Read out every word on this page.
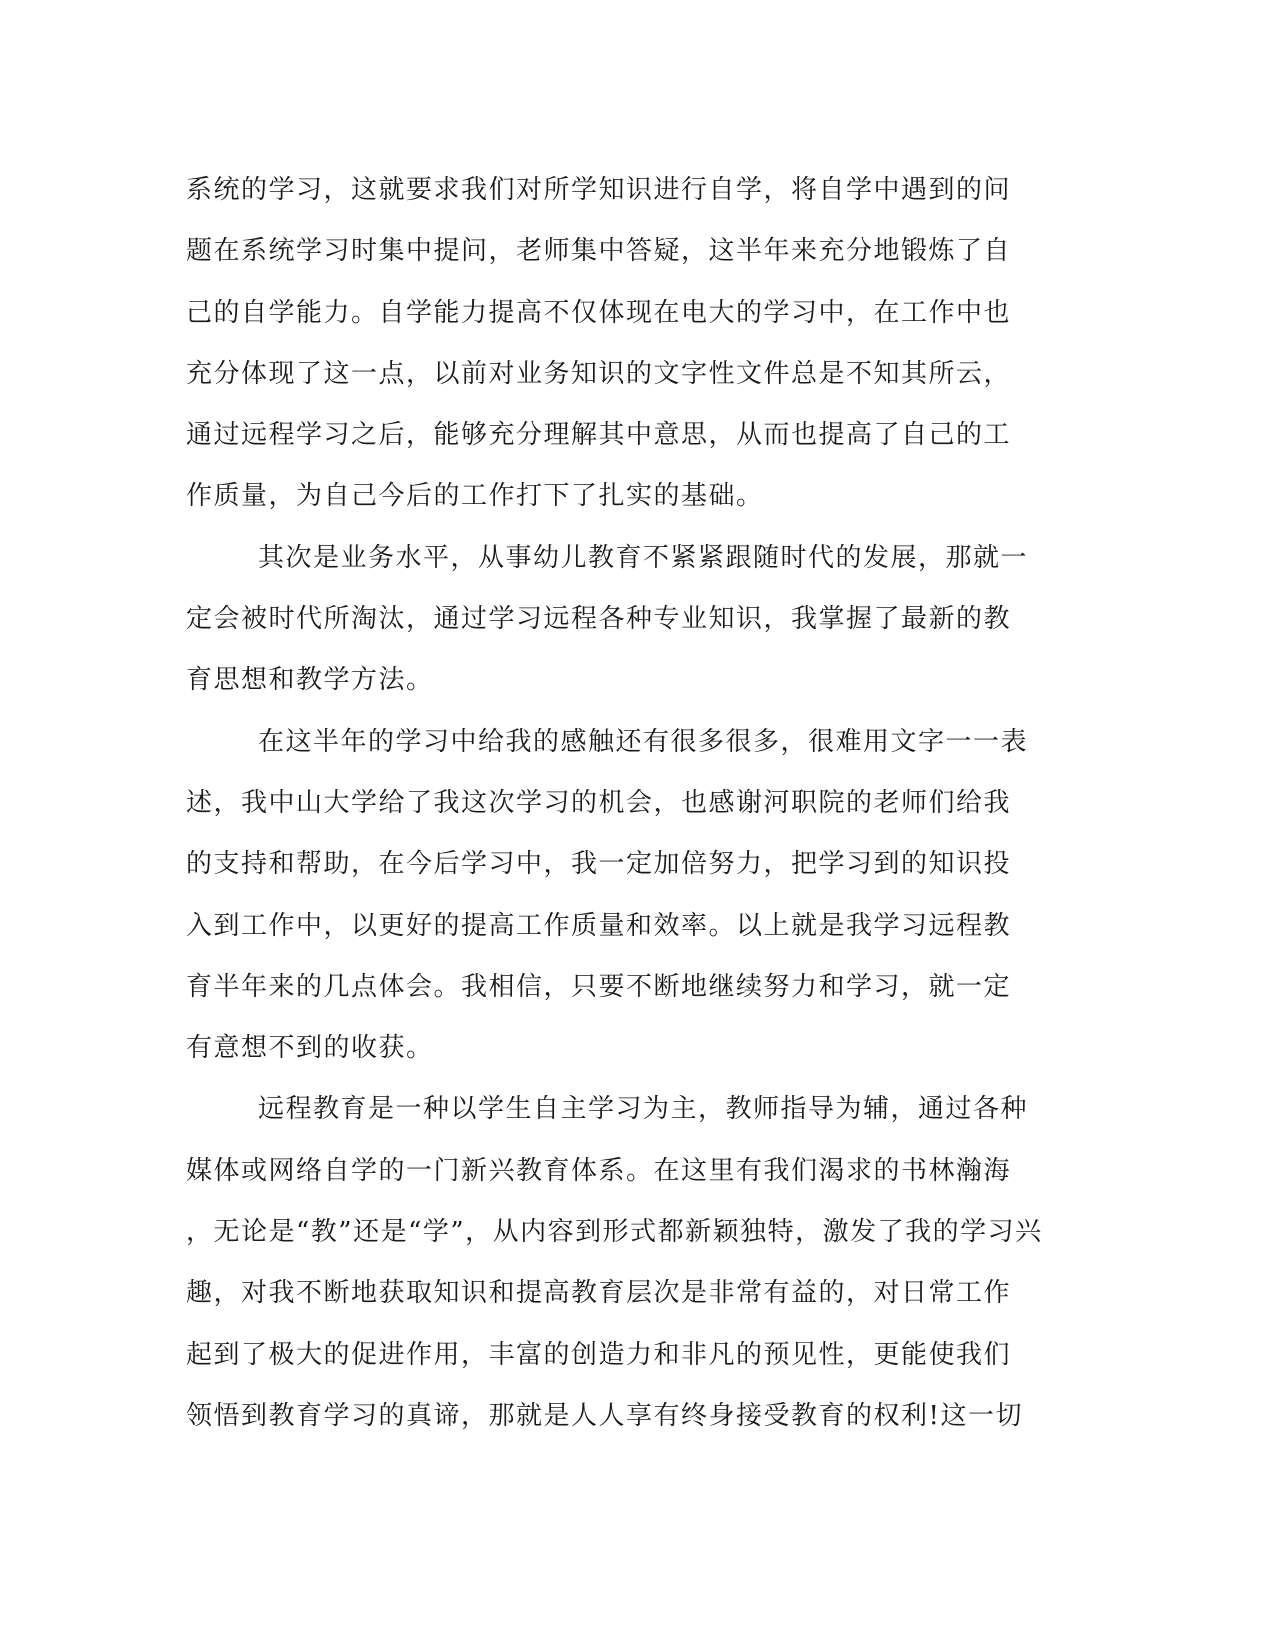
系统的学习，这就要求我们对所学知识进行自学，将自学中遇到的问
题在系统学习时集中提问，老师集中答疑，这半年来充分地锻炼了自
己的自学能力。自学能力提高不仅体现在电大的学习中，在工作中也
充分体现了这一点，以前对业务知识的文字性文件总是不知其所云，
通过远程学习之后，能够充分理解其中意思，从而也提高了自己的工
作质量，为自己今后的工作打下了扎实的基础。
其次是业务水平，从事幼儿教育不紧紧跟随时代的发展，那就一
定会被时代所淘汰，通过学习远程各种专业知识，我掌握了最新的教
育思想和教学方法。
在这半年的学习中给我的感触还有很多很多，很难用文字一一表
述，我中山大学给了我这次学习的机会，也感谢河职院的老师们给我
的支持和帮助，在今后学习中，我一定加倍努力，把学习到的知识投
入到工作中，以更好的提高工作质量和效率。以上就是我学习远程教
育半年来的几点体会。我相信，只要不断地继续努力和学习，就一定
有意想不到的收获。
远程教育是一种以学生自主学习为主，教师指导为辅，通过各种
媒体或网络自学的一门新兴教育体系。在这里有我们渴求的书林瀚海
，无论是“教”还是“学”，从内容到形式都新颖独特，激发了我的学习兴
趣，对我不断地获取知识和提高教育层次是非常有益的，对日常工作
起到了极大的促进作用，丰富的创造力和非凡的预见性，更能使我们
领悟到教育学习的真谛，那就是人人享有终身接受教育的权利!这一切
